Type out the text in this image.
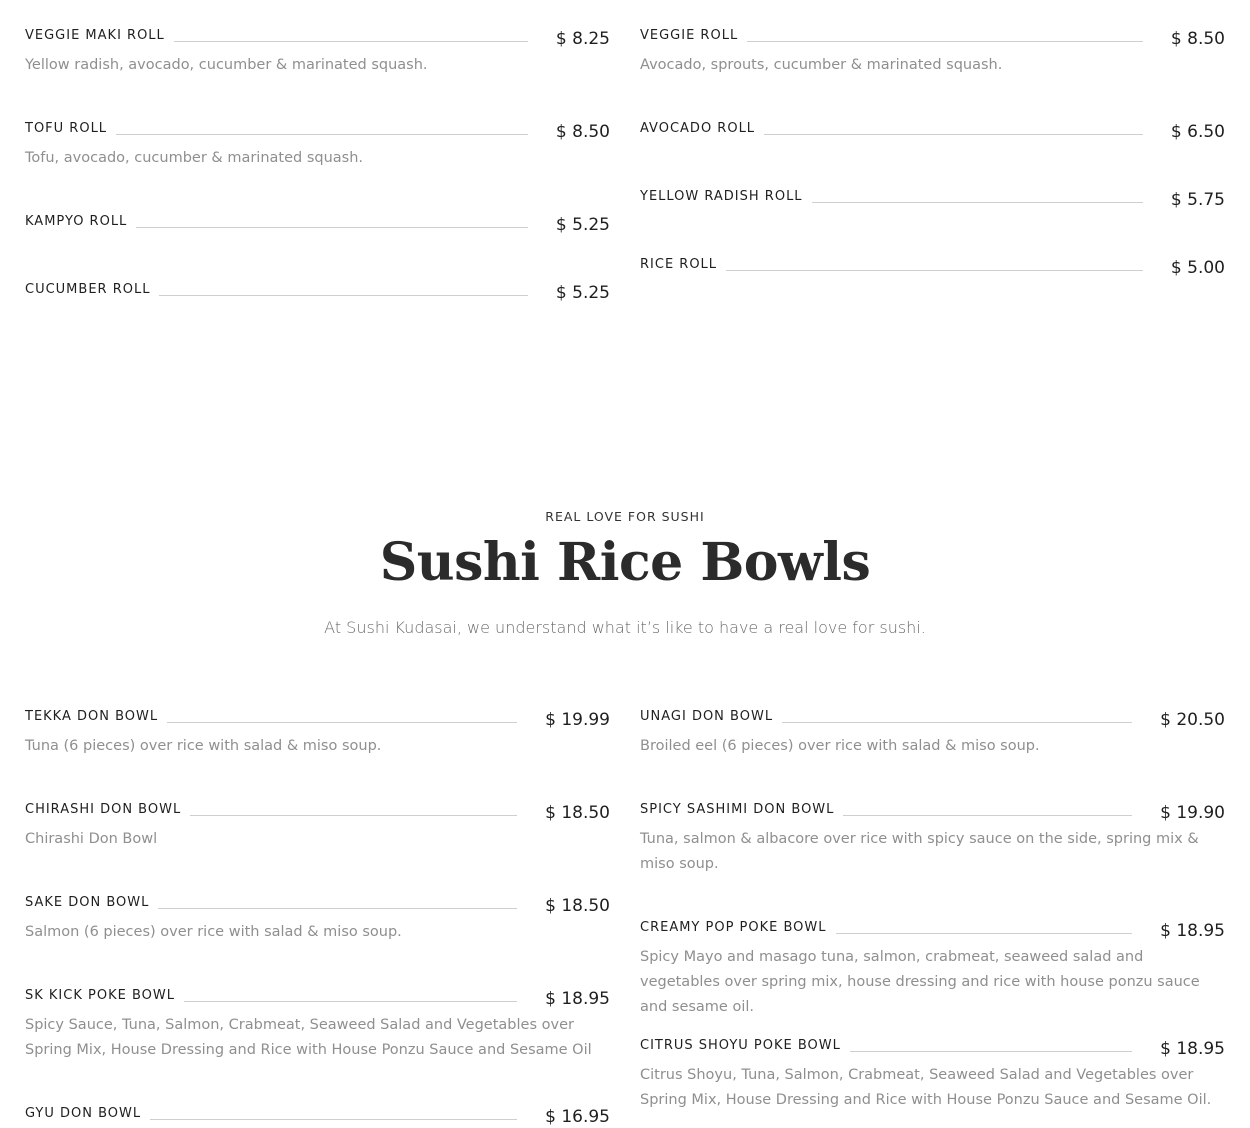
VEGGIE MAKI ROLL	$ 8.25
Yellow radish, avocado, cucumber & marinated squash.
TOFU ROLL	$ 8.50
Tofu, avocado, cucumber & marinated squash.
KAMPYO ROLL	$ 5.25
CUCUMBER ROLL	$ 5.25
VEGGIE ROLL	$ 8.50
Avocado, sprouts, cucumber & marinated squash.
AVOCADO ROLL	$ 6.50
YELLOW RADISH ROLL	$ 5.75
RICE ROLL	$ 5.00
REAL LOVE FOR SUSHI
Sushi Rice Bowls
At Sushi Kudasai, we understand what it’s like to have a real love for sushi.
TEKKA DON BOWL	$ 19.99
Tuna (6 pieces) over rice with salad & miso soup.
CHIRASHI DON BOWL	$ 18.50
Chirashi Don Bowl
SAKE DON BOWL	$ 18.50
Salmon (6 pieces) over rice with salad & miso soup.
SK KICK POKE BOWL	$ 18.95
Spicy Sauce, Tuna, Salmon, Crabmeat, Seaweed Salad and Vegetables over Spring Mix, House Dressing and Rice with House Ponzu Sauce and Sesame Oil
GYU DON BOWL	$ 16.95
UNAGI DON BOWL	$ 20.50
Broiled eel (6 pieces) over rice with salad & miso soup.
SPICY SASHIMI DON BOWL	$ 19.90
Tuna, salmon & albacore over rice with spicy sauce on the side, spring mix & miso soup.
CREAMY POP POKE BOWL	$ 18.95
Spicy Mayo and masago tuna, salmon, crabmeat, seaweed salad and vegetables over spring mix, house dressing and rice with house ponzu sauce and sesame oil.
CITRUS SHOYU POKE BOWL	$ 18.95
Citrus Shoyu, Tuna, Salmon, Crabmeat, Seaweed Salad and Vegetables over Spring Mix, House Dressing and Rice with House Ponzu Sauce and Sesame Oil.
